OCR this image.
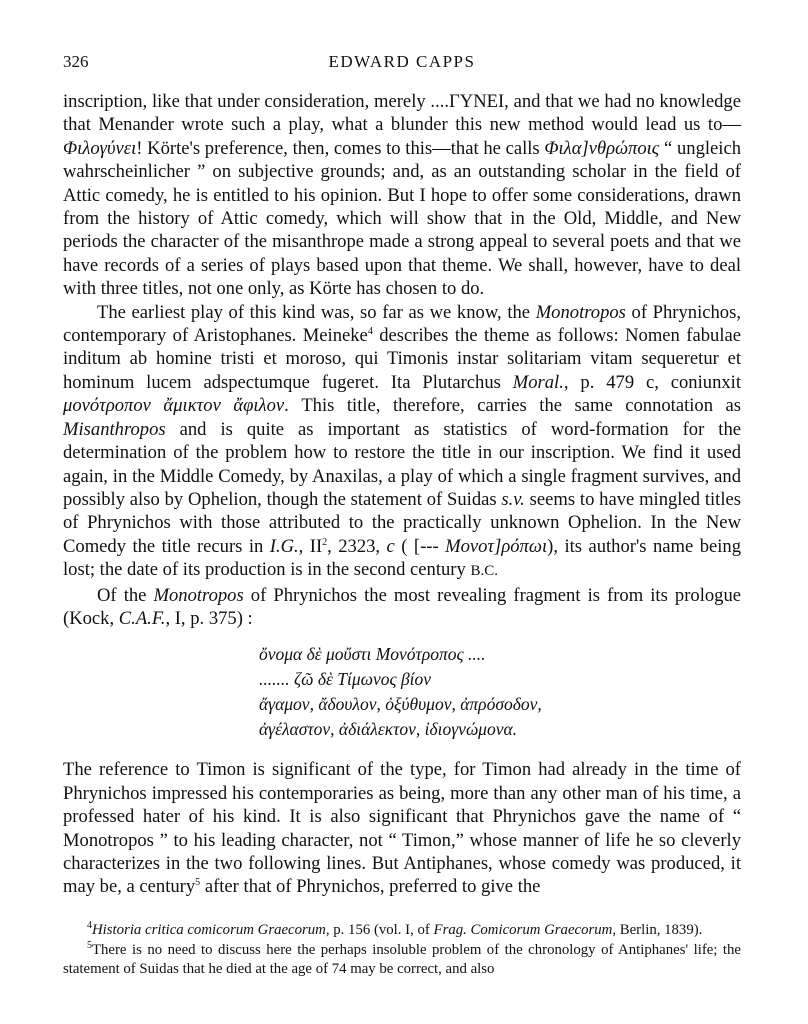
326	EDWARD CAPPS

inscription, like that under consideration, merely ....ΓΥΝΕΙ, and that we had no knowledge that Menander wrote such a play, what a blunder this new method would lead us to—Φιλογύνει! Körte's preference, then, comes to this—that he calls Φιλα]νθρώποις “ ungleich wahrscheinlicher ” on subjective grounds; and, as an outstanding scholar in the field of Attic comedy, he is entitled to his opinion. But I hope to offer some considerations, drawn from the history of Attic comedy, which will show that in the Old, Middle, and New periods the character of the misanthrope made a strong appeal to several poets and that we have records of a series of plays based upon that theme. We shall, however, have to deal with three titles, not one only, as Körte has chosen to do.

The earliest play of this kind was, so far as we know, the Monotropos of Phrynichos, contemporary of Aristophanes. Meineke$^4$ describes the theme as follows: Nomen fabulae inditum ab homine tristi et moroso, qui Timonis instar solitariam vitam sequeretur et hominum lucem adspectumque fugeret. Ita Plutarchus Moral., p. 479 c, coniunxit μονότροπον ἄμικτον ἄφιλον. This title, therefore, carries the same connotation as Misanthropos and is quite as important as statistics of word-formation for the determination of the problem how to restore the title in our inscription. We find it used again, in the Middle Comedy, by Anaxilas, a play of which a single fragment survives, and possibly also by Ophelion, though the statement of Suidas s.v. seems to have mingled titles of Phrynichos with those attributed to the practically unknown Ophelion. In the New Comedy the title recurs in I.G., $II^2$, 2323, c ( [--- Μονοτ]ρόπωι), its author's name being lost; the date of its production is in the second century B.C.

Of the Monotropos of Phrynichos the most revealing fragment is from its prologue (Kock, C.A.F., I, p. 375) :

ὄνομα δὲ μοὔστι Μονότροπος ....
....... ζῶ δὲ Τίμωνος βίον
ἄγαμον, ἄδουλον, ὀξύθυμον, ἀπρόσοδον,
ἀγέλαστον, ἀδιάλεκτον, ἰδιογνώμονα.

The reference to Timon is significant of the type, for Timon had already in the time of Phrynichos impressed his contemporaries as being, more than any other man of his time, a professed hater of his kind. It is also significant that Phrynichos gave the name of “ Monotropos ” to his leading character, not “ Timon,” whose manner of life he so cleverly characterizes in the two following lines. But Antiphanes, whose comedy was produced, it may be, a century$^5$ after that of Phrynichos, preferred to give the

$^4$Historia critica comicorum Graecorum, p. 156 (vol. I, of Frag. Comicorum Graecorum, Berlin, 1839).

$^5$There is no need to discuss here the perhaps insoluble problem of the chronology of Antiphanes' life; the statement of Suidas that he died at the age of 74 may be correct, and also
